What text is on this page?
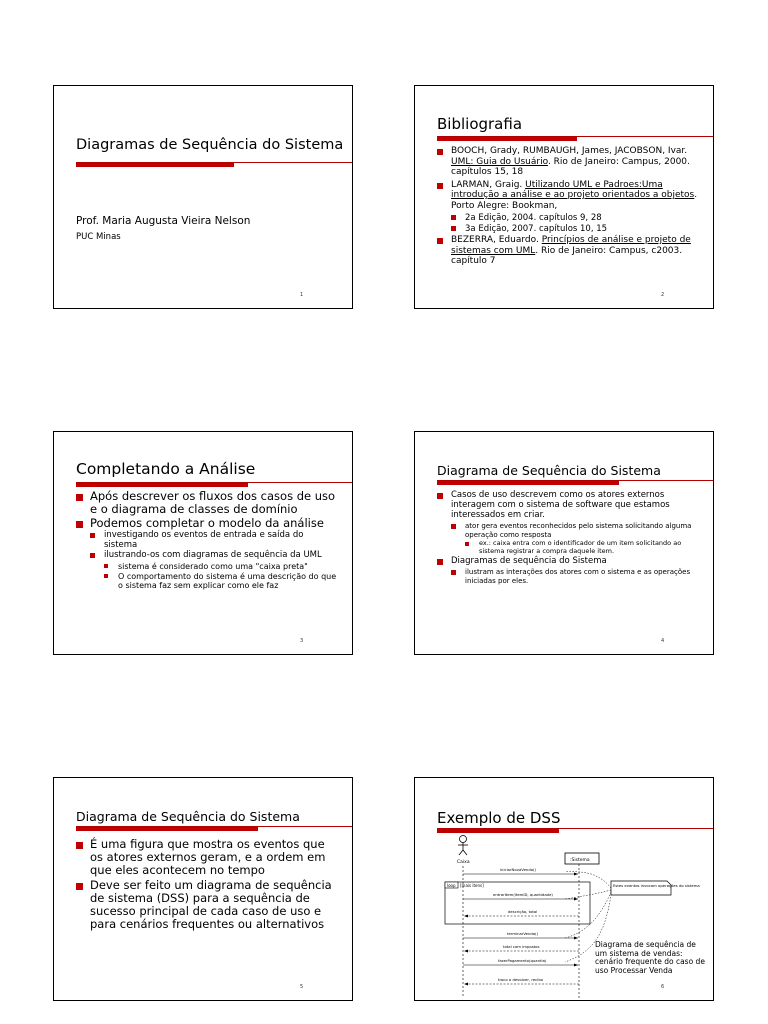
Diagramas de Sequência do Sistema
Prof. Maria Augusta Vieira Nelson
PUC Minas
1
Bibliografia
BOOCH, Grady, RUMBAUGH, James, JACOBSON, Ivar. UML: Guia do Usuário. Rio de Janeiro: Campus, 2000. capítulos 15, 18
LARMAN, Graig. Utilizando UML e Padroes:Uma introdução a análise e ao projeto orientados a objetos. Porto Alegre: Bookman,
2a Edição, 2004. capítulos 9, 28
3a Edição, 2007. capítulos 10, 15
BEZERRA, Eduardo. Princípios de análise e projeto de sistemas com UML. Rio de Janeiro: Campus, c2003. capítulo 7
2
Completando a Análise
Após descrever os fluxos dos casos de uso e o diagrama de classes de domínio
Podemos completar o modelo da análise
investigando os eventos de entrada e saída do sistema
ilustrando-os com diagramas de sequência da UML
sistema é considerado como uma "caixa preta"
O comportamento do sistema é uma descrição do que o sistema faz sem explicar como ele faz
3
Diagrama de Sequência do Sistema
Casos de uso descrevem como os atores externos interagem com o sistema de software que estamos interessados em criar.
ator gera eventos reconhecidos pelo sistema solicitando alguma operação como resposta
ex.: caixa entra com o identificador de um item solicitando ao sistema registrar a compra daquele item.
Diagramas de sequência do Sistema
ilustram as interações dos atores com o sistema e as operações iniciadas por eles.
4
Diagrama de Sequência do Sistema
É uma figura que mostra os eventos que os atores externos geram, e a ordem em que eles acontecem no tempo
Deve ser feito um diagrama de sequência de sistema (DSS) para a sequência de sucesso principal de cada caso de uso e para cenários frequentes ou alternativos
5
Exemplo de DSS
Caixa	:Sistema
loop [mais itens]	Estes eventos invocam operações do sistema
iniciarNovaVenda()
entrarItem(itemID, quantidade)
descrição, total
terminarVenda()
total com impostos
fazerPagamento(quantia)
troco a devolver, recibo
Diagrama de sequência de um sistema de vendas: cenário frequente do caso de uso Processar Venda
6
